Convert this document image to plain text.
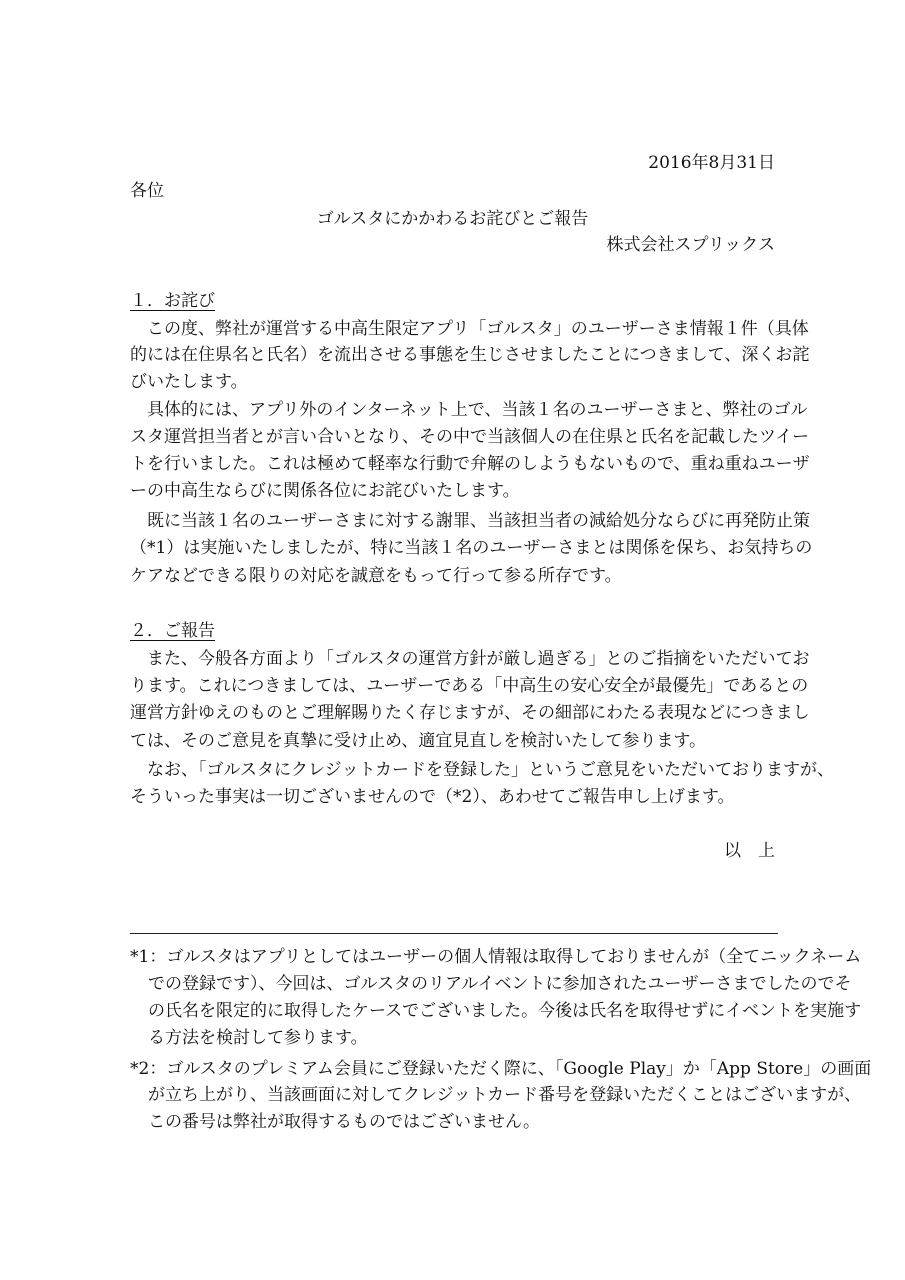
2016年8月31日
各位
ゴルスタにかかわるお詫びとご報告
株式会社スプリックス
１．お詫び
　この度、弊社が運営する中高生限定アプリ「ゴルスタ」のユーザーさま情報１件（具体
的には在住県名と氏名）を流出させる事態を生じさせましたことにつきまして、深くお詫
びいたします。
　具体的には、アプリ外のインターネット上で、当該１名のユーザーさまと、弊社のゴル
スタ運営担当者とが言い合いとなり、その中で当該個人の在住県と氏名を記載したツイー
トを行いました。これは極めて軽率な行動で弁解のしようもないもので、重ね重ねユーザ
ーの中高生ならびに関係各位にお詫びいたします。
　既に当該１名のユーザーさまに対する謝罪、当該担当者の減給処分ならびに再発防止策
（*1）は実施いたしましたが、特に当該１名のユーザーさまとは関係を保ち、お気持ちの
ケアなどできる限りの対応を誠意をもって行って参る所存です。
２．ご報告
　また、今般各方面より「ゴルスタの運営方針が厳し過ぎる」とのご指摘をいただいてお
ります。これにつきましては、ユーザーである「中高生の安心安全が最優先」であるとの
運営方針ゆえのものとご理解賜りたく存じますが、その細部にわたる表現などにつきまし
ては、そのご意見を真摯に受け止め、適宜見直しを検討いたして参ります。
　なお、「ゴルスタにクレジットカードを登録した」というご意見をいただいておりますが、
そういった事実は一切ございませんので（*2）、あわせてご報告申し上げます。
以　上
*1：ゴルスタはアプリとしてはユーザーの個人情報は取得しておりませんが（全てニックネーム
での登録です）、今回は、ゴルスタのリアルイベントに参加されたユーザーさまでしたのでそ
の氏名を限定的に取得したケースでございました。今後は氏名を取得せずにイベントを実施す
る方法を検討して参ります。
*2：ゴルスタのプレミアム会員にご登録いただく際に、「Google Play」か「App Store」の画面
が立ち上がり、当該画面に対してクレジットカード番号を登録いただくことはございますが、
この番号は弊社が取得するものではございません。
